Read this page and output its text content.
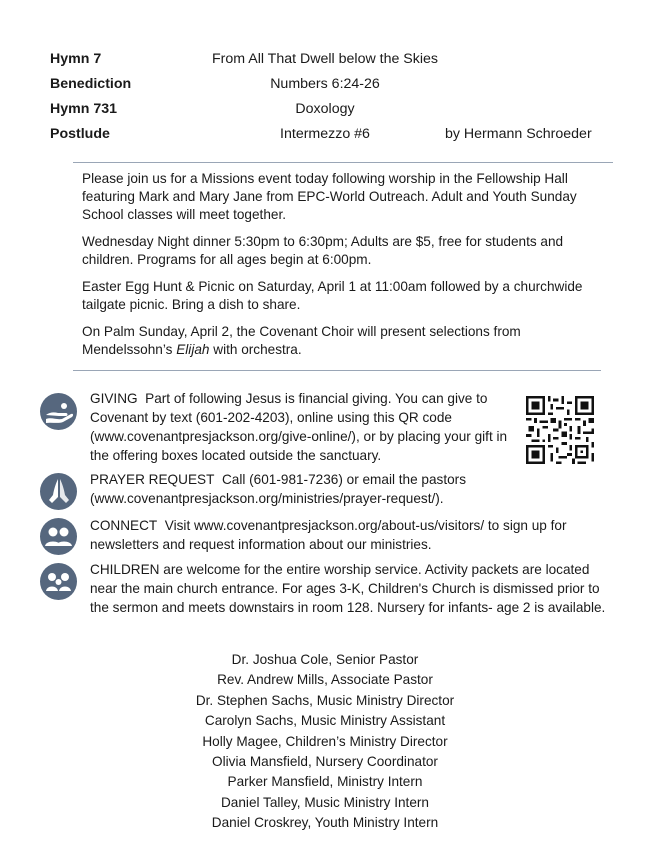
Hymn 7	From All That Dwell below the Skies
Benediction	Numbers 6:24-26
Hymn 731	Doxology
Postlude	Intermezzo #6	by Hermann Schroeder

Please join us for a Missions event today following worship in the Fellowship Hall featuring Mark and Mary Jane from EPC-World Outreach. Adult and Youth Sunday School classes will meet together.

Wednesday Night dinner 5:30pm to 6:30pm; Adults are $5, free for students and children. Programs for all ages begin at 6:00pm.

Easter Egg Hunt & Picnic on Saturday, April 1 at 11:00am followed by a churchwide tailgate picnic. Bring a dish to share.

On Palm Sunday, April 2, the Covenant Choir will present selections from Mendelssohn’s Elijah with orchestra.

GIVING Part of following Jesus is financial giving. You can give to Covenant by text (601-202-4203), online using this QR code (www.covenantpresjackson.org/give-online/), or by placing your gift in the offering boxes located outside the sanctuary.

PRAYER REQUEST Call (601-981-7236) or email the pastors (www.covenantpresjackson.org/ministries/prayer-request/).

CONNECT Visit www.covenantpresjackson.org/about-us/visitors/ to sign up for newsletters and request information about our ministries.

CHILDREN are welcome for the entire worship service. Activity packets are located near the main church entrance. For ages 3-K, Children's Church is dismissed prior to the sermon and meets downstairs in room 128. Nursery for infants- age 2 is available.

Dr. Joshua Cole, Senior Pastor
Rev. Andrew Mills, Associate Pastor
Dr. Stephen Sachs, Music Ministry Director
Carolyn Sachs, Music Ministry Assistant
Holly Magee, Children’s Ministry Director
Olivia Mansfield, Nursery Coordinator
Parker Mansfield, Ministry Intern
Daniel Talley, Music Ministry Intern
Daniel Croskrey, Youth Ministry Intern
